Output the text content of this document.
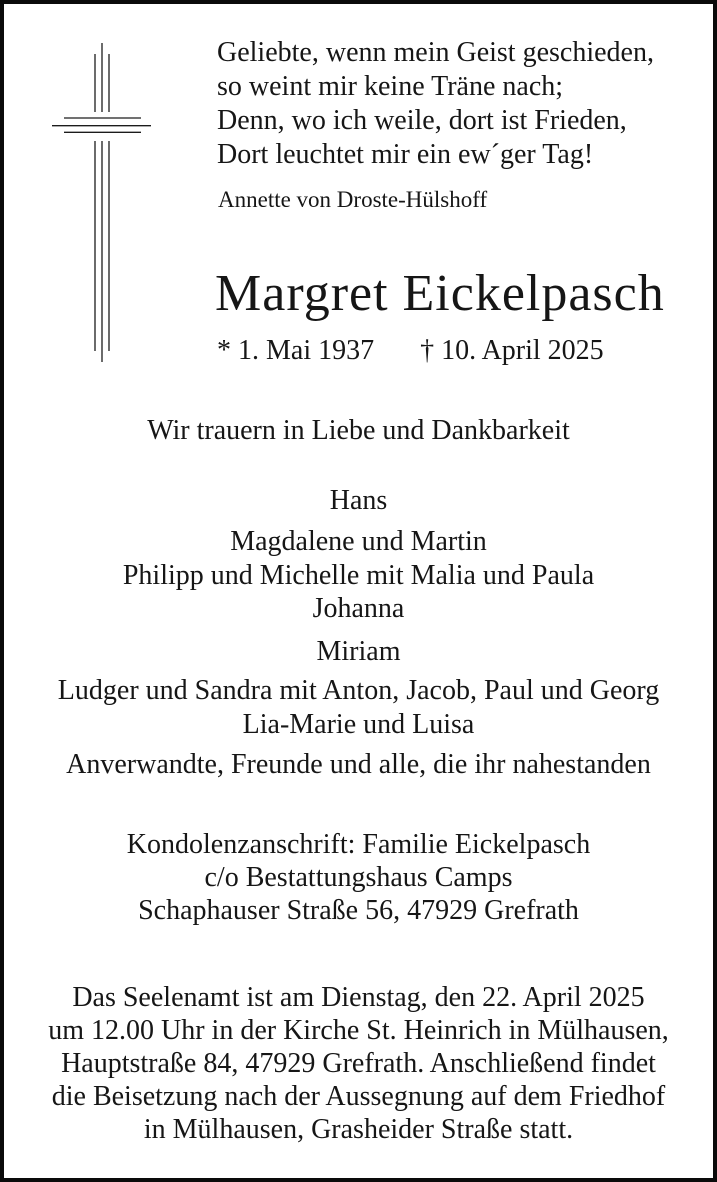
Geliebte, wenn mein Geist geschieden,
so weint mir keine Träne nach;
Denn, wo ich weile, dort ist Frieden,
Dort leuchtet mir ein ew´ger Tag!
Annette von Droste-Hülshoff
Margret Eickelpasch
* 1. Mai 1937 † 10. April 2025
Wir trauern in Liebe und Dankbarkeit
Hans
Magdalene und Martin
Philipp und Michelle mit Malia und Paula
Johanna
Miriam
Ludger und Sandra mit Anton, Jacob, Paul und Georg
Lia-Marie und Luisa
Anverwandte, Freunde und alle, die ihr nahestanden
Kondolenzanschrift: Familie Eickelpasch
c/o Bestattungshaus Camps
Schaphauser Straße 56, 47929 Grefrath
Das Seelenamt ist am Dienstag, den 22. April 2025
um 12.00 Uhr in der Kirche St. Heinrich in Mülhausen,
Hauptstraße 84, 47929 Grefrath. Anschließend findet
die Beisetzung nach der Aussegnung auf dem Friedhof
in Mülhausen, Grasheider Straße statt.
